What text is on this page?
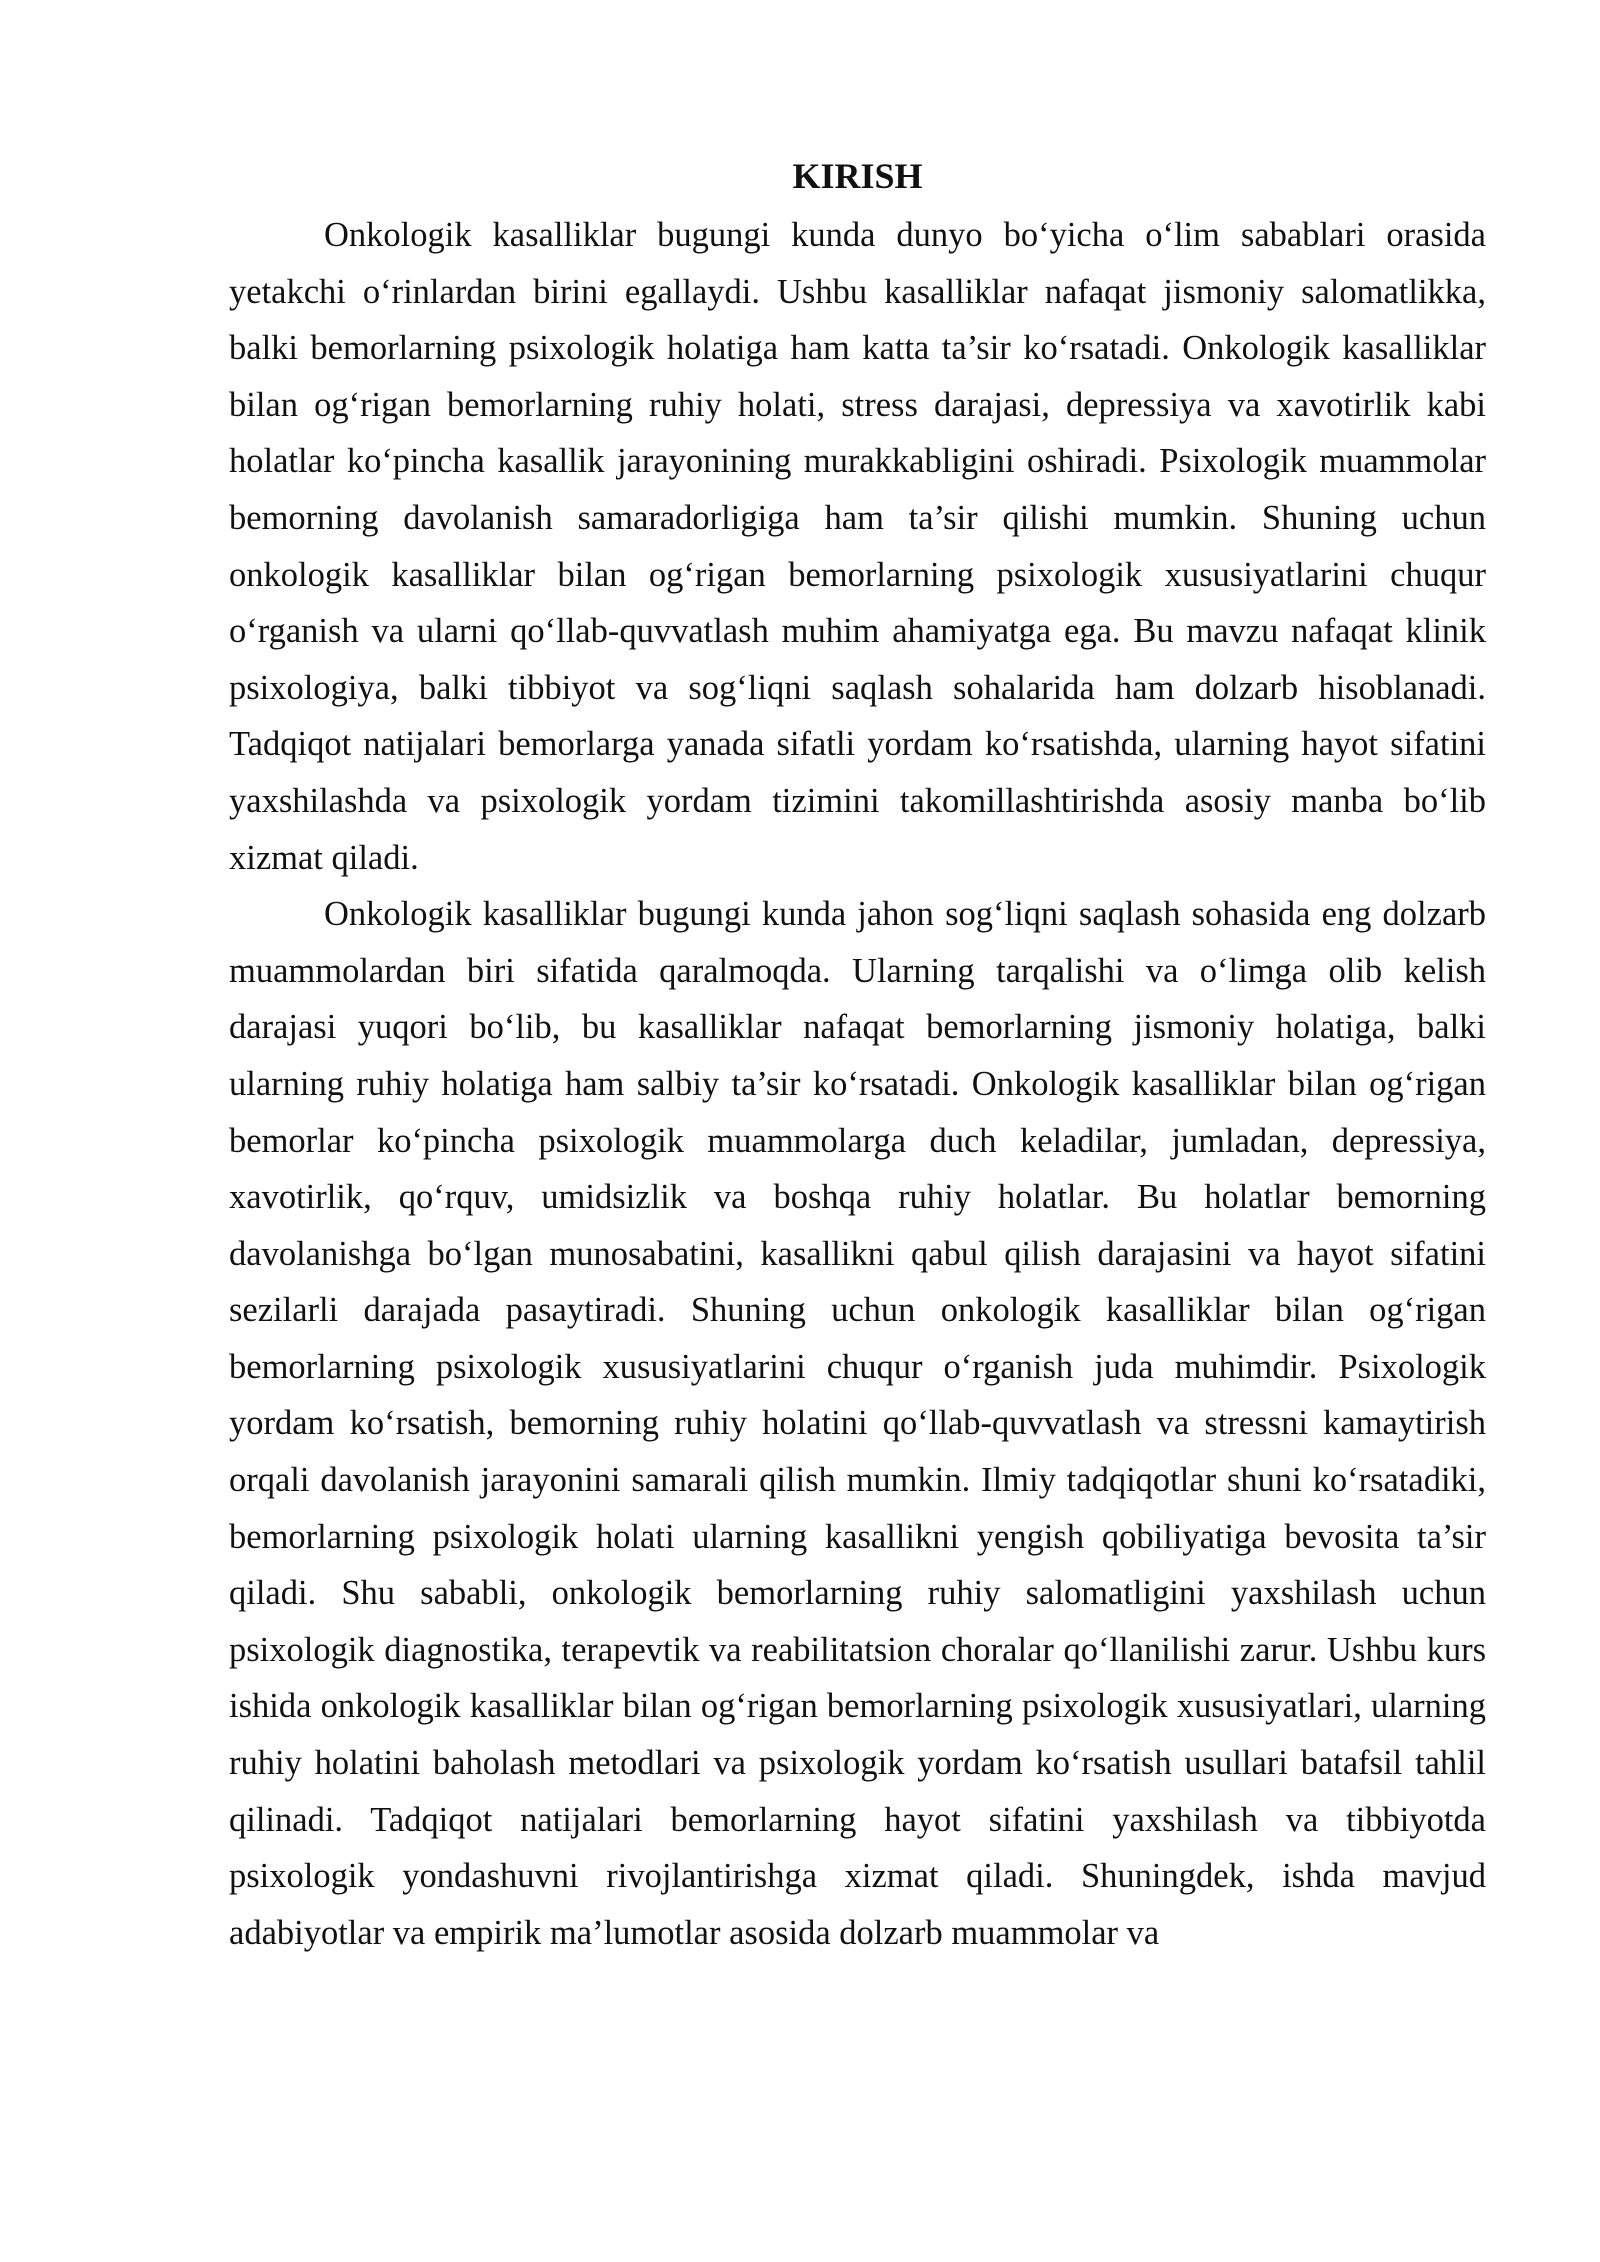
KIRISH

Onkologik kasalliklar bugungi kunda dunyo bo‘yicha o‘lim sabablari orasida yetakchi o‘rinlardan birini egallaydi. Ushbu kasalliklar nafaqat jismoniy salomatlikka, balki bemorlarning psixologik holatiga ham katta ta’sir ko‘rsatadi. Onkologik kasalliklar bilan og‘rigan bemorlarning ruhiy holati, stress darajasi, depressiya va xavotirlik kabi holatlar ko‘pincha kasallik jarayonining murakkabligini oshiradi. Psixologik muammolar bemorning davolanish samaradorligiga ham ta’sir qilishi mumkin. Shuning uchun onkologik kasalliklar bilan og‘rigan bemorlarning psixologik xususiyatlarini chuqur o‘rganish va ularni qo‘llab-quvvatlash muhim ahamiyatga ega. Bu mavzu nafaqat klinik psixologiya, balki tibbiyot va sog‘liqni saqlash sohalarida ham dolzarb hisoblanadi. Tadqiqot natijalari bemorlarga yanada sifatli yordam ko‘rsatishda, ularning hayot sifatini yaxshilashda va psixologik yordam tizimini takomillashtirishda asosiy manba bo‘lib xizmat qiladi.

Onkologik kasalliklar bugungi kunda jahon sog‘liqni saqlash sohasida eng dolzarb muammolardan biri sifatida qaralmoqda. Ularning tarqalishi va o‘limga olib kelish darajasi yuqori bo‘lib, bu kasalliklar nafaqat bemorlarning jismoniy holatiga, balki ularning ruhiy holatiga ham salbiy ta’sir ko‘rsatadi. Onkologik kasalliklar bilan og‘rigan bemorlar ko‘pincha psixologik muammolarga duch keladilar, jumladan, depressiya, xavotirlik, qo‘rquv, umidsizlik va boshqa ruhiy holatlar. Bu holatlar bemorning davolanishga bo‘lgan munosabatini, kasallikni qabul qilish darajasini va hayot sifatini sezilarli darajada pasaytiradi. Shuning uchun onkologik kasalliklar bilan og‘rigan bemorlarning psixologik xususiyatlarini chuqur o‘rganish juda muhimdir. Psixologik yordam ko‘rsatish, bemorning ruhiy holatini qo‘llab-quvvatlash va stressni kamaytirish orqali davolanish jarayonini samarali qilish mumkin. Ilmiy tadqiqotlar shuni ko‘rsatadiki, bemorlarning psixologik holati ularning kasallikni yengish qobiliyatiga bevosita ta’sir qiladi. Shu sababli, onkologik bemorlarning ruhiy salomatligini yaxshilash uchun psixologik diagnostika, terapevtik va reabilitatsion choralar qo‘llanilishi zarur. Ushbu kurs ishida onkologik kasalliklar bilan og‘rigan bemorlarning psixologik xususiyatlari, ularning ruhiy holatini baholash metodlari va psixologik yordam ko‘rsatish usullari batafsil tahlil qilinadi. Tadqiqot natijalari bemorlarning hayot sifatini yaxshilash va tibbiyotda psixologik yondashuvni rivojlantirishga xizmat qiladi. Shuningdek, ishda mavjud adabiyotlar va empirik ma’lumotlar asosida dolzarb muammolar va
